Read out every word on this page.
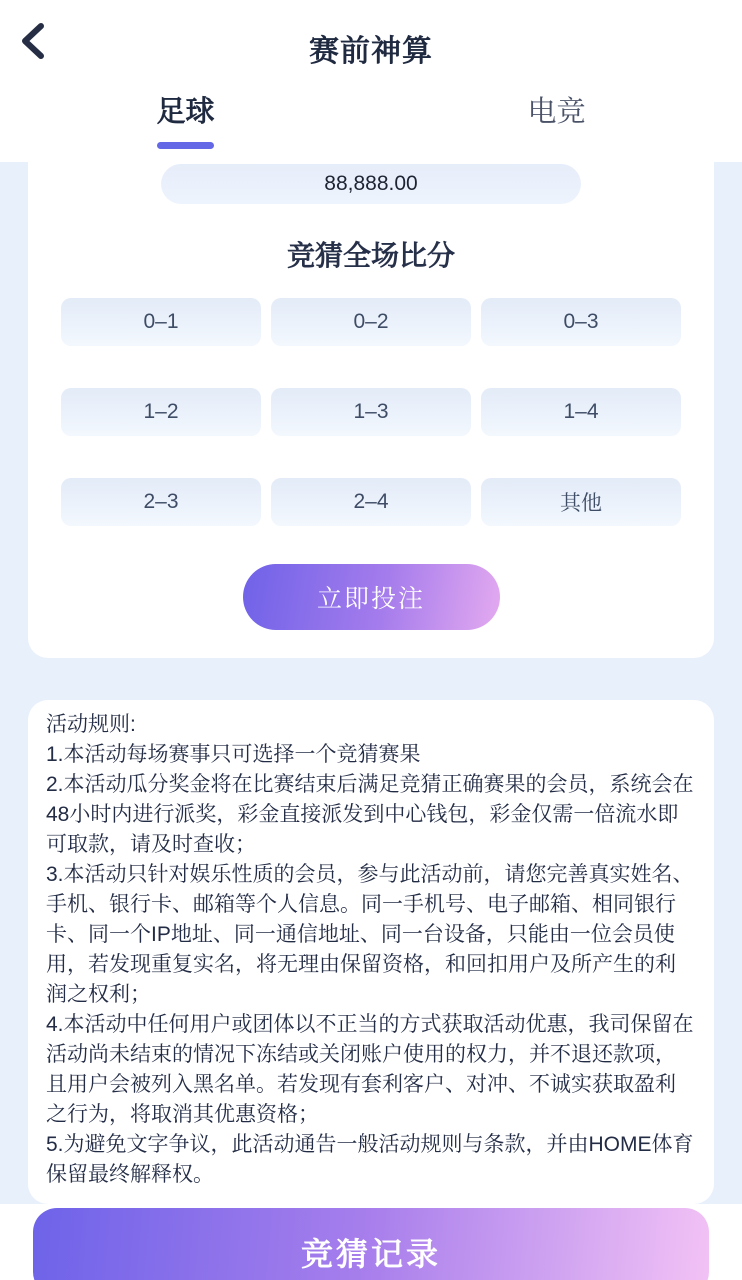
赛前神算
足球	电竞
88,888.00
竞猜全场比分
0–1	0–2	0–3
1–2	1–3	1–4
2–3	2–4	其他
立即投注

活动规则:

1.本活动每场赛事只可选择一个竞猜赛果

2.本活动瓜分奖金将在比赛结束后满足竞猜正确赛果的会员，系统会在48小时内进行派奖，彩金直接派发到中心钱包，彩金仅需一倍流水即可取款，请及时查收；

3.本活动只针对娱乐性质的会员，参与此活动前，请您完善真实姓名、手机、银行卡、邮箱等个人信息。同一手机号、电子邮箱、相同银行卡、同一个IP地址、同一通信地址、同一台设备，只能由一位会员使用，若发现重复实名，将无理由保留资格，和回扣用户及所产生的利润之权利；

4.本活动中任何用户或团体以不正当的方式获取活动优惠，我司保留在活动尚未结束的情况下冻结或关闭账户使用的权力，并不退还款项，且用户会被列入黑名单。若发现有套利客户、对冲、不诚实获取盈利之行为，将取消其优惠资格；

5.为避免文字争议，此活动通告一般活动规则与条款，并由HOME体育保留最终解释权。

竞猜记录
